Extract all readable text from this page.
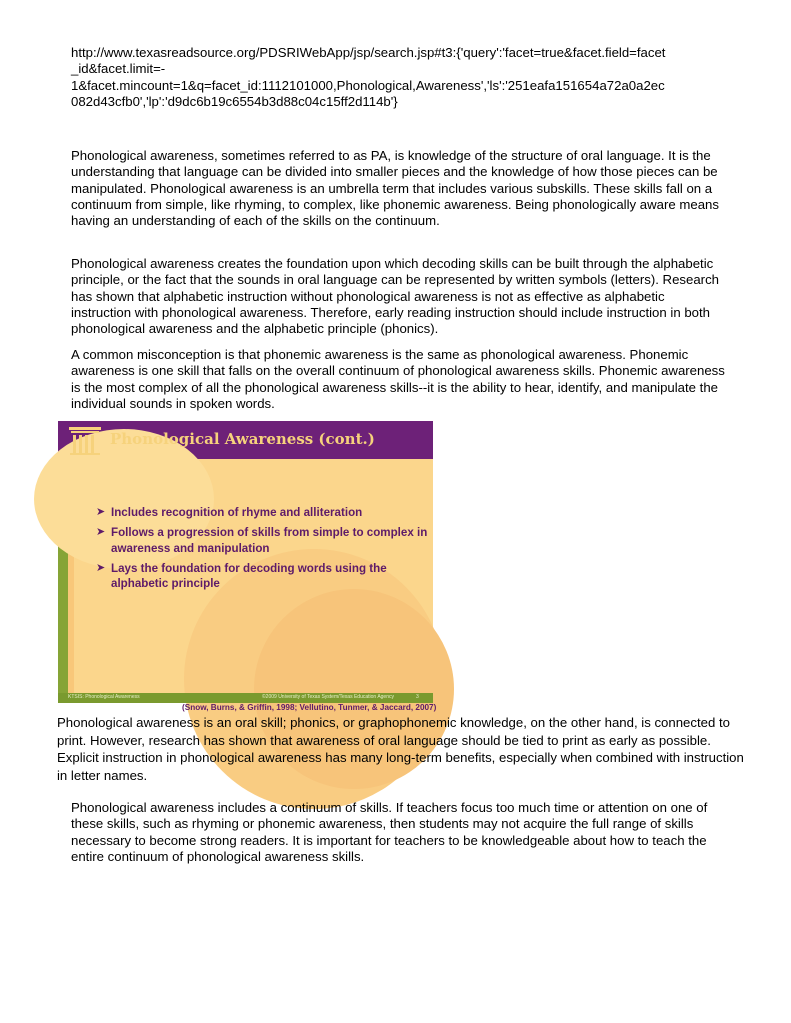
http://www.texasreadsource.org/PDSRIWebApp/jsp/search.jsp#t3:{'query':'facet=true&facet.field=facet
_id&facet.limit=-
1&facet.mincount=1&q=facet_id:1112101000,Phonological,Awareness','ls':'251eafa151654a72a0a2ec
082d43cfb0','lp':'d9dc6b19c6554b3d88c04c15ff2d114b'}

Phonological awareness, sometimes referred to as PA, is knowledge of the structure of oral language. It is the understanding that language can be divided into smaller pieces and the knowledge of how those pieces can be manipulated. Phonological awareness is an umbrella term that includes various subskills. These skills fall on a continuum from simple, like rhyming, to complex, like phonemic awareness. Being phonologically aware means having an understanding of each of the skills on the continuum.

Phonological awareness creates the foundation upon which decoding skills can be built through the alphabetic principle, or the fact that the sounds in oral language can be represented by written symbols (letters). Research has shown that alphabetic instruction without phonological awareness is not as effective as alphabetic instruction with phonological awareness. Therefore, early reading instruction should include instruction in both phonological awareness and the alphabetic principle (phonics).

A common misconception is that phonemic awareness is the same as phonological awareness. Phonemic awareness is one skill that falls on the overall continuum of phonological awareness skills. Phonemic awareness is the most complex of all the phonological awareness skills--it is the ability to hear, identify, and manipulate the individual sounds in spoken words.

➤ Includes recognition of rhyme and alliteration
➤ Follows a progression of skills from simple to complex in awareness and manipulation
➤ Lays the foundation for decoding words using the alphabetic principle
(Snow, Burns, & Griffin, 1998; Vellutino, Tunmer, & Jaccard, 2007)
Phonological Awareness (cont.)
KTSIS: Phonological Awareness	©2009 University of Texas System/Texas Education Agency	3

Phonological awareness is an oral skill; phonics, or graphophonemic knowledge, on the other hand, is connected to print. However, research has shown that awareness of oral language should be tied to print as early as possible. Explicit instruction in phonological awareness has many long-term benefits, especially when combined with instruction in letter names.

Phonological awareness includes a continuum of skills. If teachers focus too much time or attention on one of these skills, such as rhyming or phonemic awareness, then students may not acquire the full range of skills necessary to become strong readers. It is important for teachers to be knowledgeable about how to teach the entire continuum of phonological awareness skills.
